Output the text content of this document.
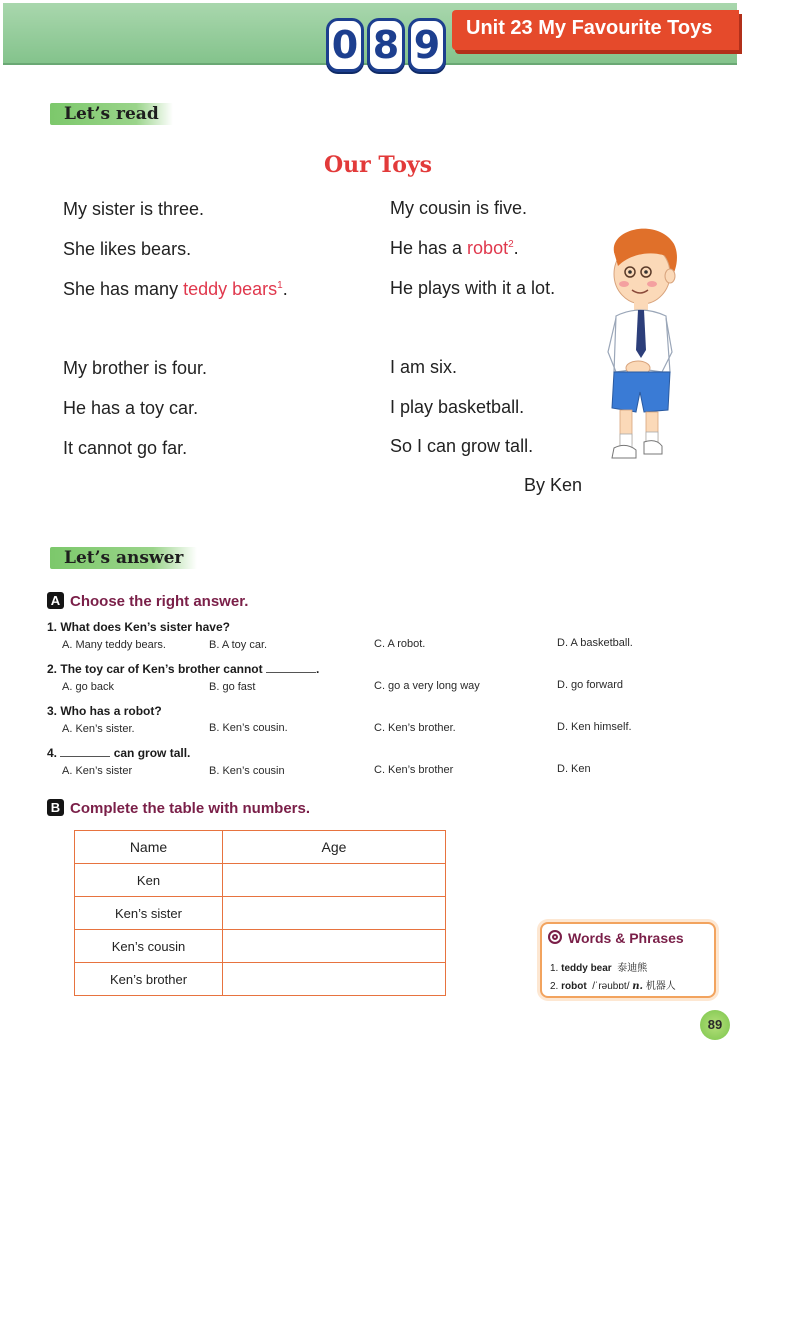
Unit 23 My Favourite Toys
0 8 9
Let’s read
Our Toys
My sister is three.
She likes bears.
She has many teddy bears$^1$.
My brother is four.
He has a toy car.
It cannot go far.
My cousin is five.
He has a robot$^2$.
He plays with it a lot.
I am six.
I play basketball.
So I can grow tall.
By Ken
Let’s answer
A Choose the right answer.
1. What does Ken’s sister have?
A. Many teddy bears.	B. A toy car.	C. A robot.	D. A basketball.
2. The toy car of Ken’s brother cannot	.
A. go back	B. go fast	C. go a very long way	D. go forward
3. Who has a robot?
A. Ken’s sister.	B. Ken’s cousin.	C. Ken’s brother.	D. Ken himself.
4.	can grow tall.
A. Ken’s sister	B. Ken’s cousin	C. Ken’s brother	D. Ken
B Complete the table with numbers.
Name	Age
Ken	
Ken’s sister	
Ken’s cousin	
Ken’s brother	
Words & Phrases
1. teddy bear 泰迪熊
2. robot /ˈrəubɒt/ n. 机器人
89
